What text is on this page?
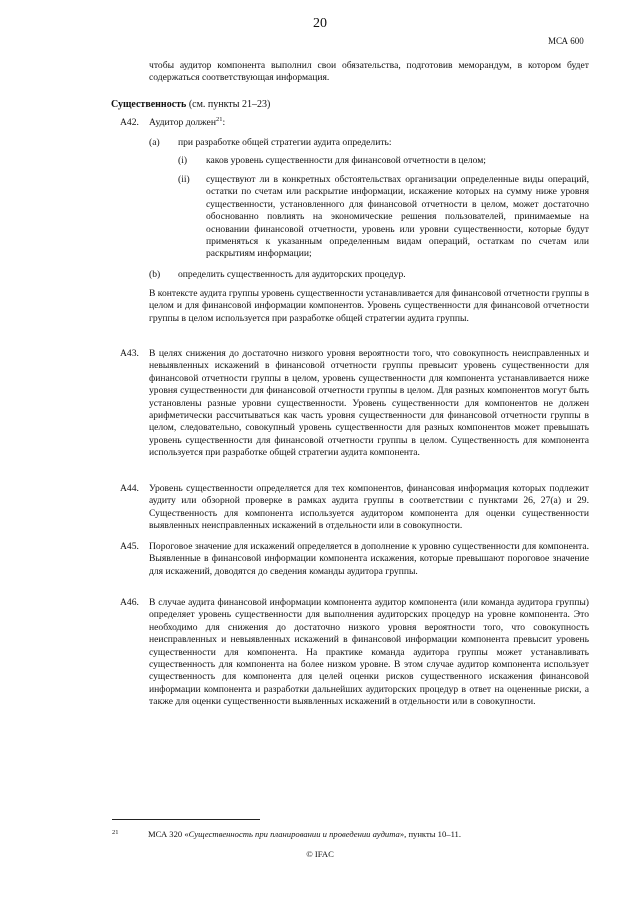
20
МСА 600

чтобы аудитор компонента выполнил свои обязательства, подготовив меморандум, в котором будет содержаться соответствующая информация.

Существенность (см. пункты 21–23)
A42. Аудитор должен$^{21}$:
(a) при разработке общей стратегии аудита определить:

(i) каков уровень существенности для финансовой отчетности в целом;

(ii) существуют ли в конкретных обстоятельствах организации определенные виды операций, остатки по счетам или раскрытие информации, искажение которых на сумму ниже уровня существенности, установленного для финансовой отчетности в целом, может достаточно обоснованно повлиять на экономические решения пользователей, принимаемые на основании финансовой отчетности, уровень или уровни существенности, которые будут применяться к указанным определенным видам операций, остаткам по счетам или раскрытиям информации;

(b) определить существенность для аудиторских процедур.

В контексте аудита группы уровень существенности устанавливается для финансовой отчетности группы в целом и для финансовой информации компонентов. Уровень существенности для финансовой отчетности группы в целом используется при разработке общей стратегии аудита группы.

A43. В целях снижения до достаточно низкого уровня вероятности того, что совокупность неисправленных и невыявленных искажений в финансовой отчетности группы превысит уровень существенности для финансовой отчетности группы в целом, уровень существенности для компонента устанавливается ниже уровня существенности для финансовой отчетности группы в целом. Для разных компонентов могут быть установлены разные уровни существенности. Уровень существенности для компонентов не должен арифметически рассчитываться как часть уровня существенности для финансовой отчетности группы в целом, следовательно, совокупный уровень существенности для разных компонентов может превышать уровень существенности для финансовой отчетности группы в целом. Существенность для компонента используется при разработке общей стратегии аудита компонента.

A44. Уровень существенности определяется для тех компонентов, финансовая информация которых подлежит аудиту или обзорной проверке в рамках аудита группы в соответствии с пунктами 26, 27(a) и 29. Существенность для компонента используется аудитором компонента для оценки существенности выявленных неисправленных искажений в отдельности или в совокупности.

A45. Пороговое значение для искажений определяется в дополнение к уровню существенности для компонента. Выявленные в финансовой информации компонента искажения, которые превышают пороговое значение для искажений, доводятся до сведения команды аудитора группы.

A46. В случае аудита финансовой информации компонента аудитор компонента (или команда аудитора группы) определяет уровень существенности для выполнения аудиторских процедур на уровне компонента. Это необходимо для снижения до достаточно низкого уровня вероятности того, что совокупность неисправленных и невыявленных искажений в финансовой информации компонента превысит уровень существенности для компонента. На практике команда аудитора группы может устанавливать существенность для компонента на более низком уровне. В этом случае аудитор компонента использует существенность для компонента для целей оценки рисков существенного искажения финансовой информации компонента и разработки дальнейших аудиторских процедур в ответ на оцененные риски, а также для оценки существенности выявленных искажений в отдельности или в совокупности.

21	МСА 320 «Существенность при планировании и проведении аудита», пункты 10–11.
© IFAC
